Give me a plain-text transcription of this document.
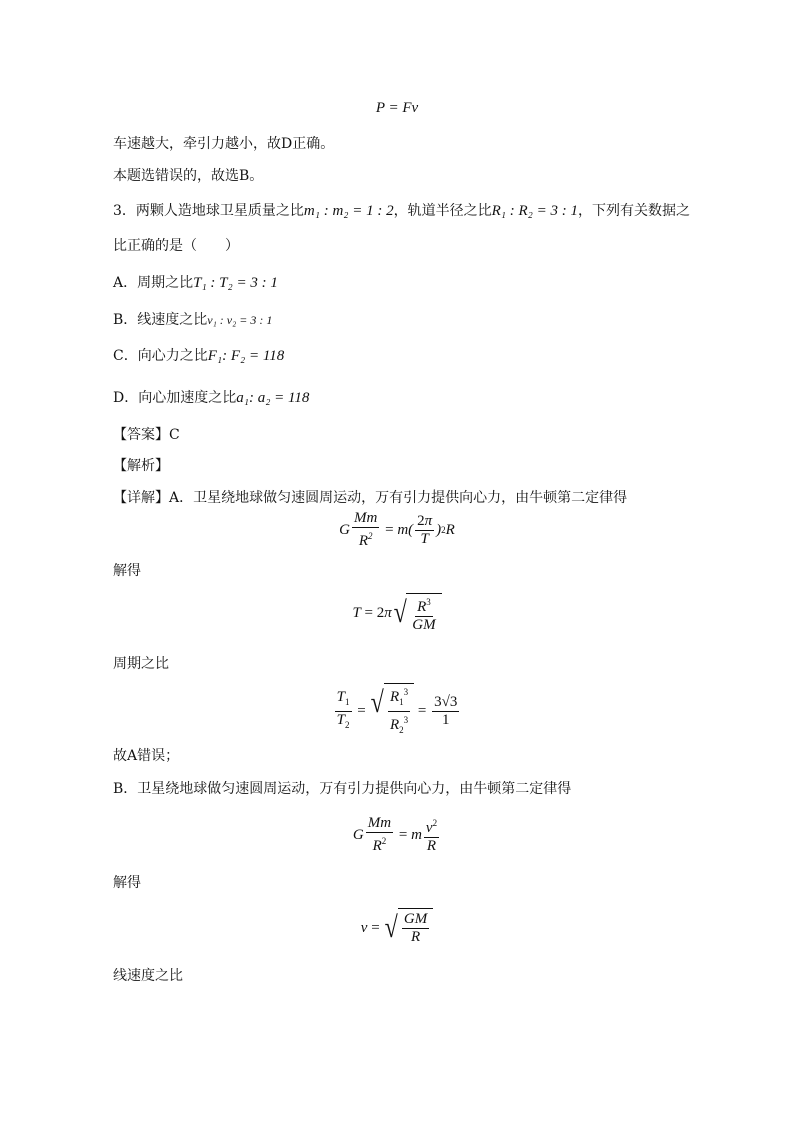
P = Fv
车速越大，牵引力越小，故D正确。
本题选错误的，故选B。
3．两颗人造地球卫星质量之比m₁ : m₂ = 1 : 2，轨道半径之比R₁ : R₂ = 3 : 1，下列有关数据之
比正确的是（　　）
A．周期之比T₁ : T₂ = 3 : 1
B．线速度之比v₁ : v₂ = 3 : 1
C．向心力之比F₁: F₂ = 118
D．向心加速度之比a₁: a₂ = 118
【答案】C
【解析】
【详解】A．卫星绕地球做匀速圆周运动，万有引力提供向心力，由牛顿第二定律得
G $\frac{Mm}{R^2} = m( \frac{2\pi}{T}$ ) 2 R
解得
T = 2 π √ $\frac{R^3}{GM}$
周期之比
$\frac{T_1}{T_2}$ = √ $\frac{R_1^3}{R_2^3} = \frac{3√3}{1}$
故A错误；
B．卫星绕地球做匀速圆周运动，万有引力提供向心力，由牛顿第二定律得
G $\frac{Mm}{R^2} = m \frac{v^2}{R}$
解得
v = √ $\frac{GM}{R}$
线速度之比
